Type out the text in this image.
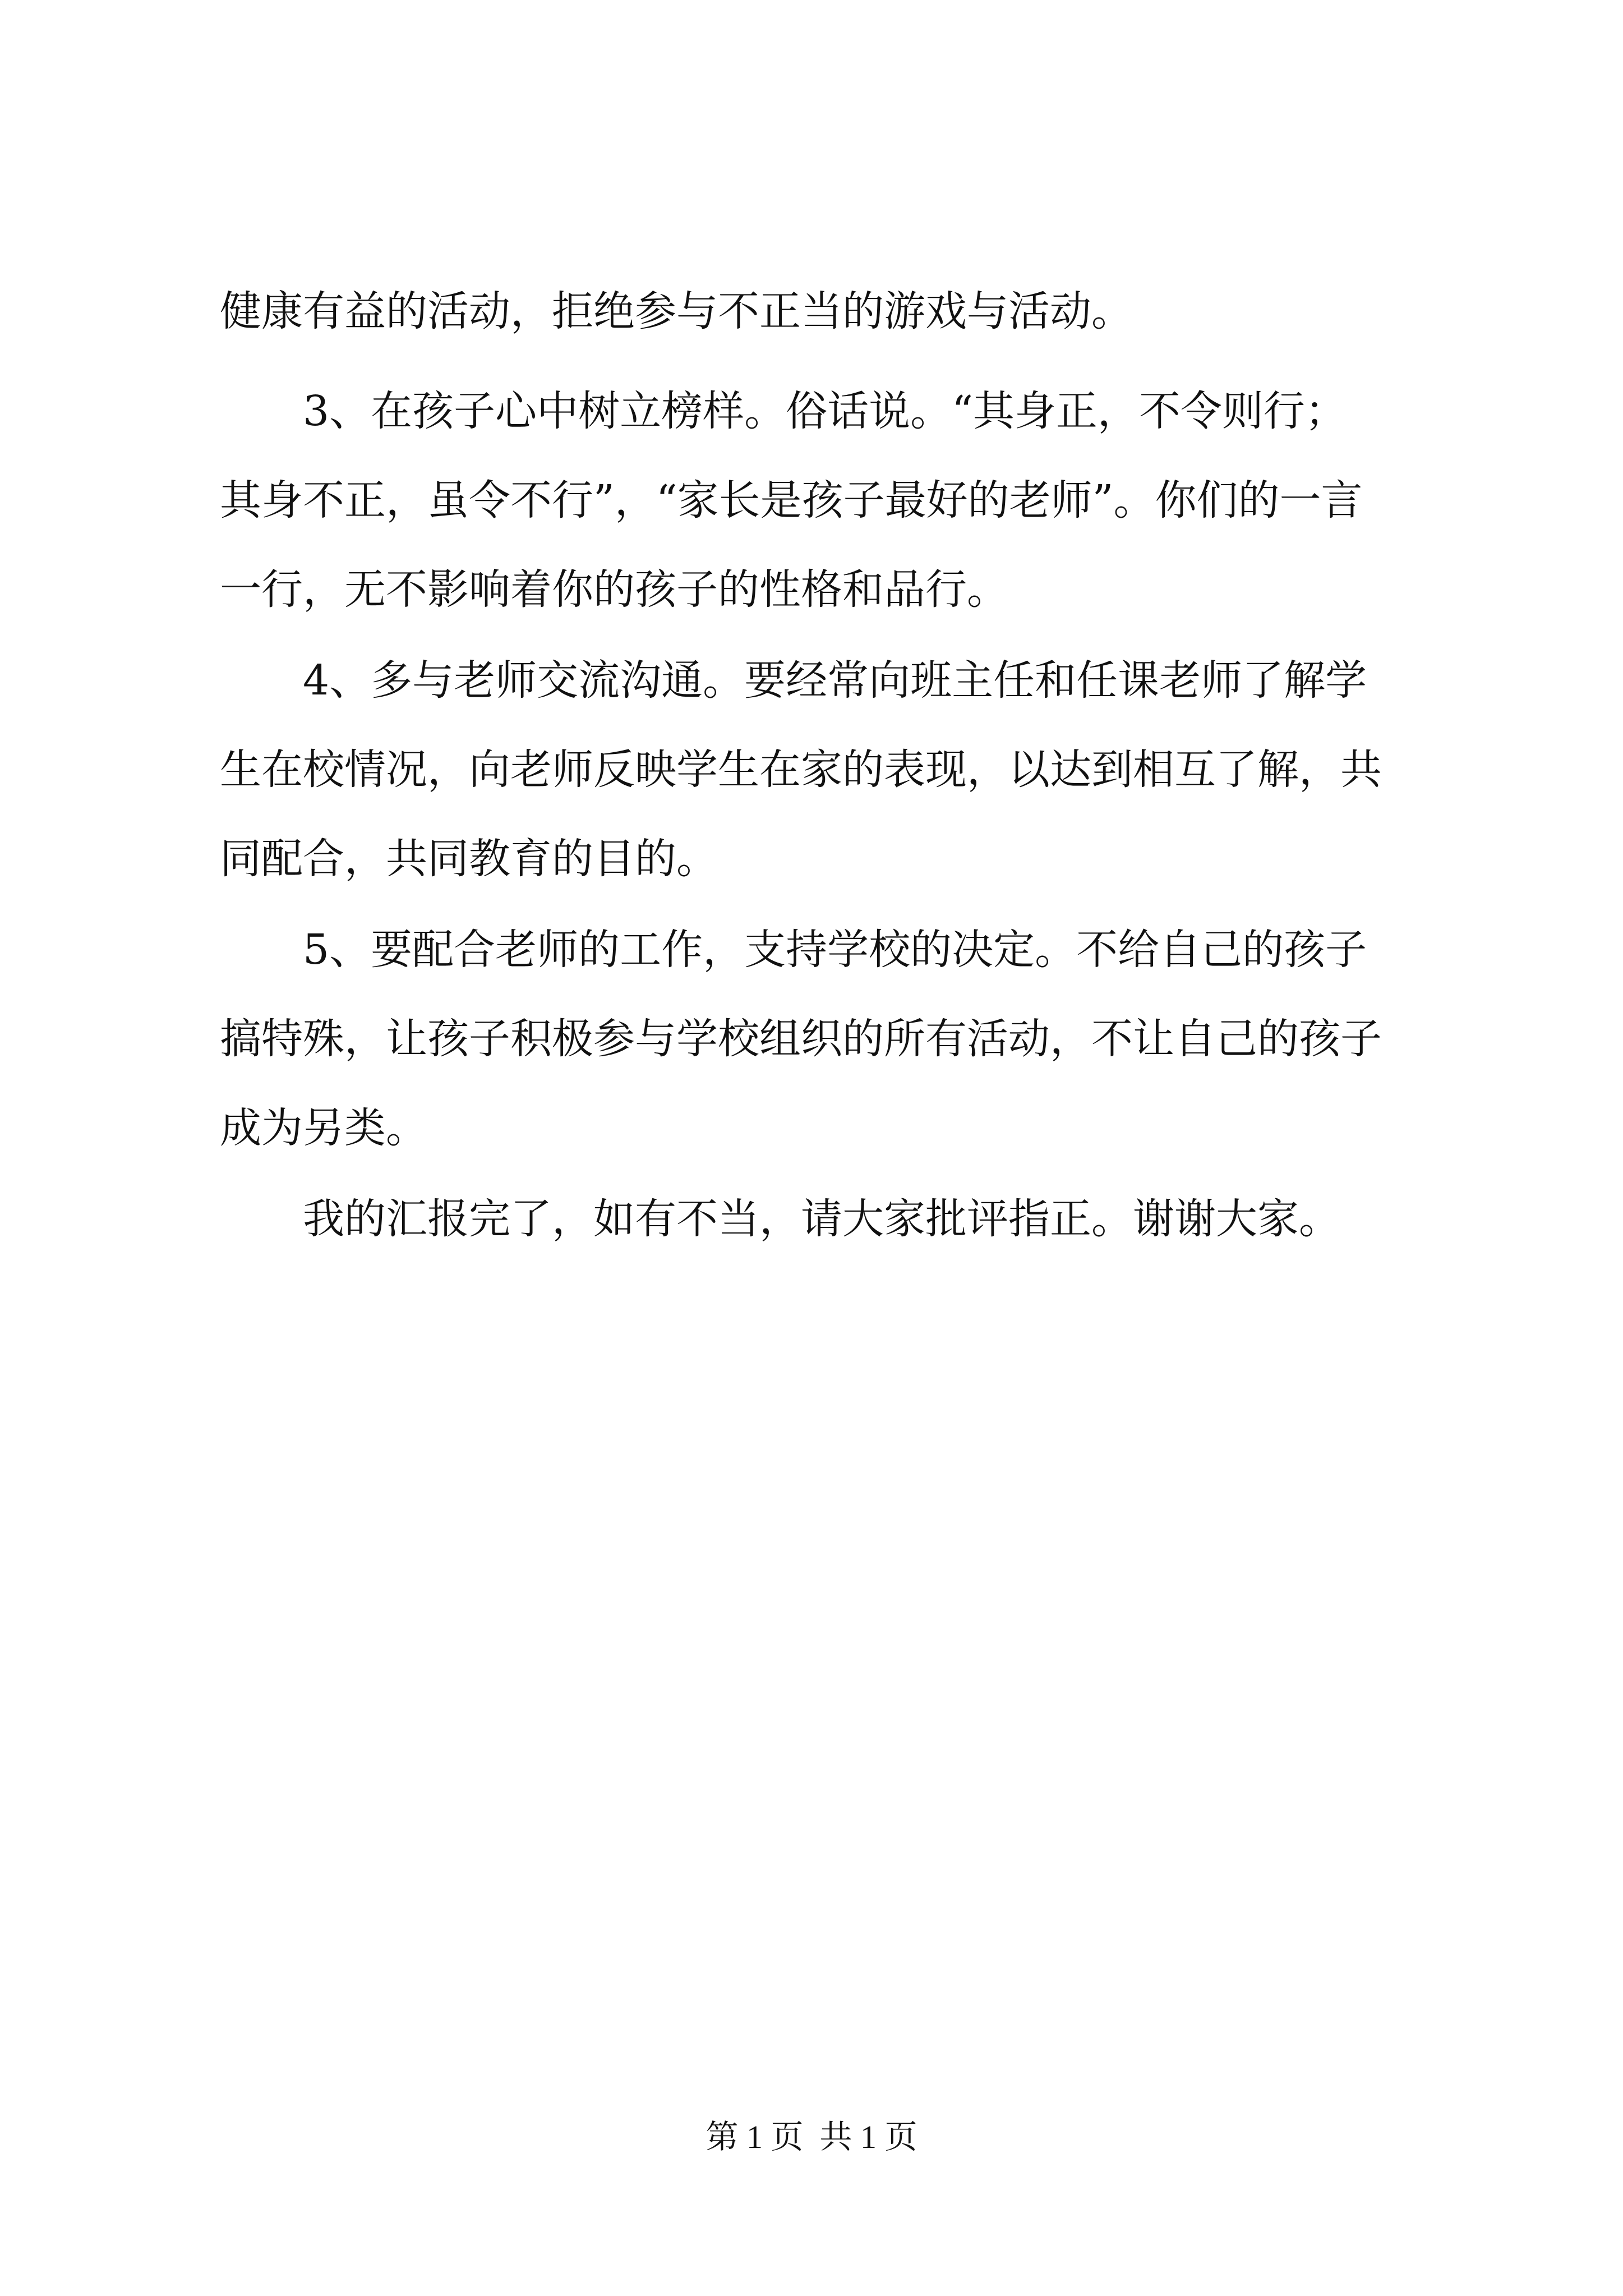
健康有益的活动，拒绝参与不正当的游戏与活动。

3、在孩子心中树立榜样。俗话说。“其身正，不令则行；

其身不正，虽令不行”，“家长是孩子最好的老师”。你们的一言

一行，无不影响着你的孩子的性格和品行。

4、多与老师交流沟通。要经常向班主任和任课老师了解学

生在校情况，向老师反映学生在家的表现，以达到相互了解，共

同配合，共同教育的目的。

5、要配合老师的工作，支持学校的决定。不给自己的孩子

搞特殊，让孩子积极参与学校组织的所有活动，不让自己的孩子

成为另类。

我的汇报完了，如有不当，请大家批评指正。谢谢大家。

第 1 页 共 1 页
